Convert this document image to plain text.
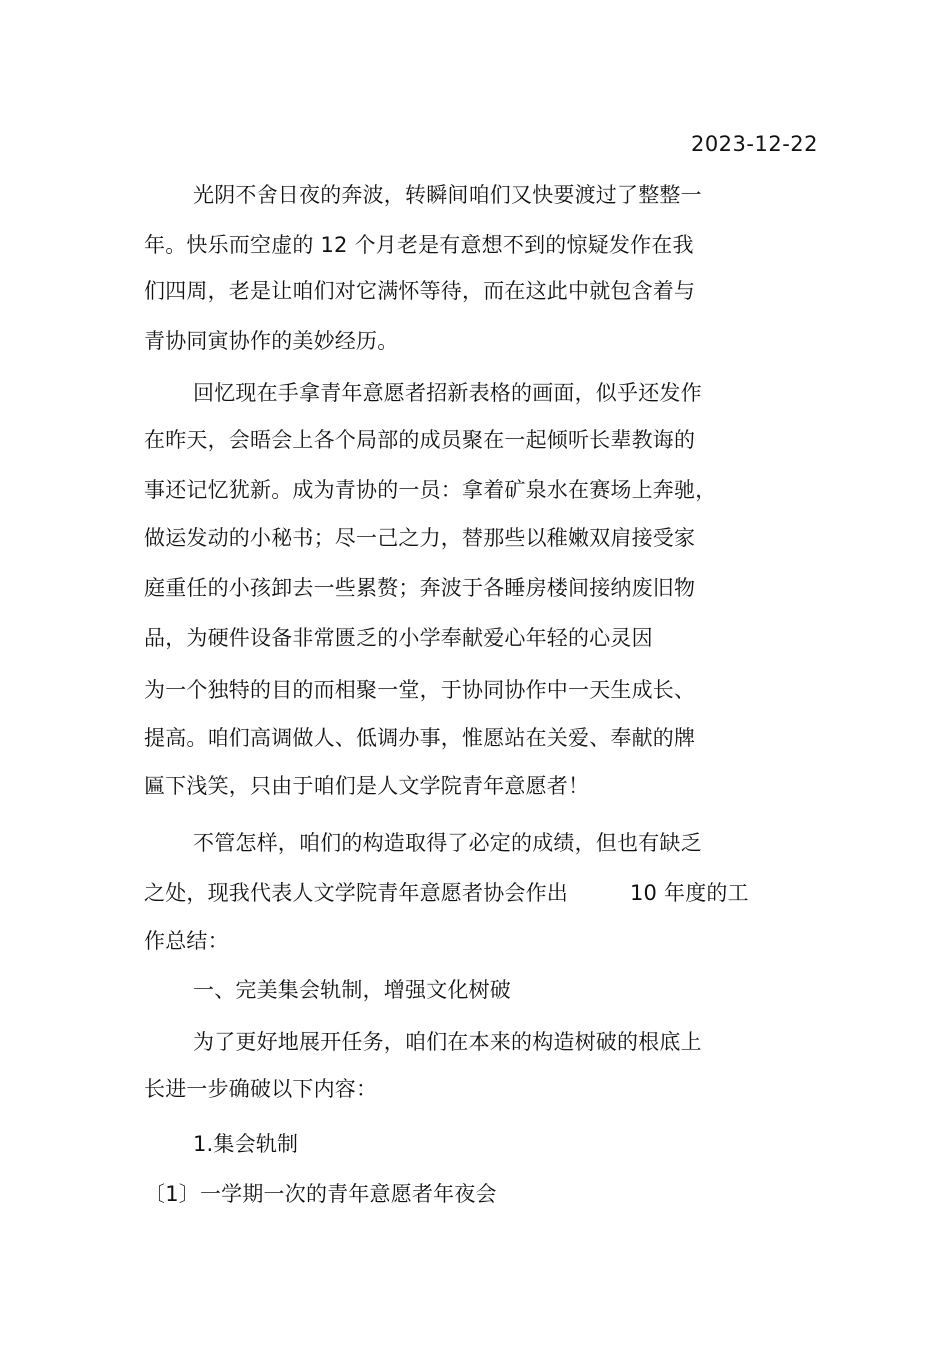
2023-12-22
光阴不舍日夜的奔波，转瞬间咱们又快要渡过了整整一
年。快乐而空虚的 12 个月老是有意想不到的惊疑发作在我
们四周，老是让咱们对它满怀等待，而在这此中就包含着与
青协同寅协作的美妙经历。
回忆现在手拿青年意愿者招新表格的画面，似乎还发作
在昨天，会晤会上各个局部的成员聚在一起倾听长辈教诲的
事还记忆犹新。成为青协的一员：拿着矿泉水在赛场上奔驰，
做运发动的小秘书；尽一己之力，替那些以稚嫩双肩接受家
庭重任的小孩卸去一些累赘；奔波于各睡房楼间接纳废旧物
品，为硬件设备非常匮乏的小学奉献爱心年轻的心灵因
为一个独特的目的而相聚一堂，于协同协作中一天生成长、
提高。咱们高调做人、低调办事，惟愿站在关爱、奉献的牌
匾下浅笑，只由于咱们是人文学院青年意愿者！
不管怎样，咱们的构造取得了必定的成绩，但也有缺乏
之处，现我代表人文学院青年意愿者协会作出	10 年度的工
作总结：
一、完美集会轨制，增强文化树破
为了更好地展开任务，咱们在本来的构造树破的根底上
长进一步确破以下内容：
1.集会轨制
〔1〕一学期一次的青年意愿者年夜会
